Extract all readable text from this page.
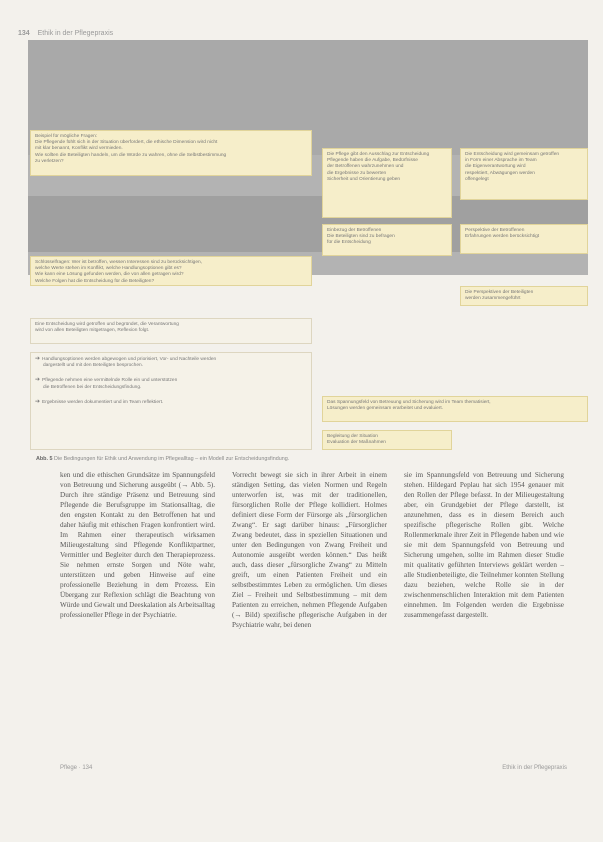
134 Ethik in der Pflegepraxis

Beispiel für mögliche Fragen:

Die Pflegende fühlt sich in der Situation überfordert, die ethische Dimension wird nicht

mit klar benannt, Konflikt wird vermieden.

Wie sollten die Beteiligten handeln, um die Würde zu wahren, ohne die Selbstbestimmung

zu verletzen?

Die Pflege gibt den Ausschlag zur Entscheidung

Pflegende haben die Aufgabe, Bedürfnisse

der Betroffenen wahrzunehmen und

die Ergebnisse zu bewerten

Sicherheit und Orientierung geben

Die Entscheidung wird gemeinsam getroffen

in Form einer Absprache im Team

die Eigenverantwortung wird

respektiert, Abwägungen werden

offengelegt

Einbezug der Betroffenen

Die Beteiligten sind zu befragen

für die Entscheidung

Perspektive der Betroffenen

Erfahrungen werden berücksichtigt

Schlüsselfragen: Wer ist betroffen, wessen Interessen sind zu berücksichtigen,

welche Werte stehen im Konflikt, welche Handlungsoptionen gibt es?

Wie kann eine Lösung gefunden werden, die von allen getragen wird?

Welche Folgen hat die Entscheidung für die Beteiligten?

Die Perspektiven der Beteiligten

werden zusammengeführt

Eine Entscheidung wird getroffen und begründet, die Verantwortung

wird von allen Beteiligten mitgetragen, Reflexion folgt.

➔ Handlungsoptionen werden abgewogen und priorisiert, Vor- und Nachteile werden

dargestellt und mit den Beteiligten besprochen.

➔ Pflegende nehmen eine vermittelnde Rolle ein und unterstützen

die Betroffenen bei der Entscheidungsfindung.

➔ Ergebnisse werden dokumentiert und im Team reflektiert.	Das Spannungsfeld von Betreuung und Sicherung wird im Team thematisiert,

Lösungen werden gemeinsam erarbeitet und evaluiert.

Begleitung der Situation

Evaluation der Maßnahmen

Abb. 5 Die Bedingungen für Ethik und Anwendung im Pflegealltag – ein Modell zur Entscheidungsfindung.

ken und die ethischen Grundsätze im Spannungsfeld von Betreuung und Sicherung ausgeübt (→ Abb. 5). Durch ihre ständige Präsenz und Betreuung sind Pflegende die Berufsgruppe im Stationsalltag, die den engsten Kontakt zu den Betroffenen hat und daher häufig mit ethischen Fragen konfrontiert wird. Im Rahmen einer therapeutisch wirksamen Milieugestaltung sind Pflegende Konfliktpartner, Vermittler und Begleiter durch den Therapieprozess. Sie nehmen ernste Sorgen und Nöte wahr, unterstützen und geben Hinweise auf eine professionelle Beziehung in dem Prozess. Ein Übergang zur Reflexion schlägt die Beachtung von Würde und Gewalt und Deeskalation als Arbeitsalltag professioneller Pflege in der Psychiatrie.

Vorrecht bewegt sie sich in ihrer Arbeit in einem ständigen Setting, das vielen Normen und Regeln unterworfen ist, was mit der traditionellen, fürsorglichen Rolle der Pflege kollidiert. Holmes definiert diese Form der Fürsorge als „fürsorglichen Zwang“. Er sagt darüber hinaus: „Fürsorglicher Zwang bedeutet, dass in speziellen Situationen und unter den Bedingungen von Zwang Freiheit und Autonomie ausgeübt werden können.“ Das heißt auch, dass dieser „fürsorgliche Zwang“ zu Mitteln greift, um einen Patienten Freiheit und ein selbstbestimmtes Leben zu ermöglichen. Um dieses Ziel – Freiheit und Selbstbestimmung – mit dem Patienten zu erreichen, nehmen Pflegende Aufgaben (→ Bild) spezifische pflegerische Aufgaben in der Psychiatrie wahr, bei denen

sie im Spannungsfeld von Betreuung und Sicherung stehen. Hildegard Peplau hat sich 1954 genauer mit den Rollen der Pflege befasst. In der Milieugestaltung aber, ein Grundgebiet der Pflege darstellt, ist anzunehmen, dass es in diesem Bereich auch spezifische pflegerische Rollen gibt. Welche Rollenmerkmale ihrer Zeit in Pflegende haben und wie sie mit dem Spannungsfeld von Betreuung und Sicherung umgehen, sollte im Rahmen dieser Studie mit qualitativ geführten Interviews geklärt werden – alle Studienbeteiligte, die Teilnehmer konnten Stellung dazu beziehen, welche Rolle sie in der zwischenmenschlichen Interaktion mit dem Patienten einnehmen. Im Folgenden werden die Ergebnisse zusammengefasst dargestellt.

Pflege · 134	Ethik in der Pflegepraxis
